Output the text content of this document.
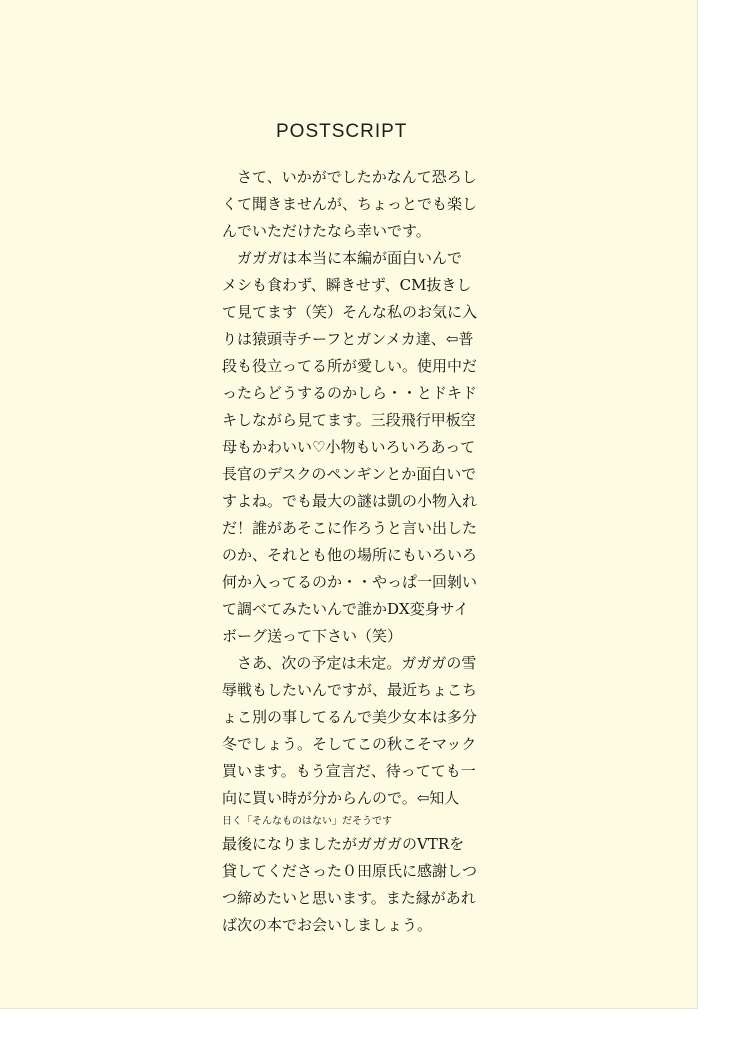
POSTSCRIPT
　さて、いかがでしたかなんて恐ろし
くて聞きませんが、ちょっとでも楽し
んでいただけたなら幸いです。
　ガガガは本当に本編が面白いんで
メシも食わず、瞬きせず、CM抜きし
て見てます（笑）そんな私のお気に入
りは猿頭寺チーフとガンメカ達、⇦普
段も役立ってる所が愛しい。使用中だ
ったらどうするのかしら・・とドキド
キしながら見てます。三段飛行甲板空
母もかわいい♡小物もいろいろあって
長官のデスクのペンギンとか面白いで
すよね。でも最大の謎は凱の小物入れ
だ！誰があそこに作ろうと言い出した
のか、それとも他の場所にもいろいろ
何か入ってるのか・・やっぱ一回剝い
て調べてみたいんで誰かDX変身サイ
ボーグ送って下さい（笑）
　さあ、次の予定は未定。ガガガの雪
辱戦もしたいんですが、最近ちょこち
ょこ別の事してるんで美少女本は多分
冬でしょう。そしてこの秋こそマック
買います。もう宣言だ、待ってても一
向に買い時が分からんので。⇦知人
日く「そんなものはない」だそうです
最後になりましたがガガガのVTRを
貸してくださった０田原氏に感謝しつ
つ締めたいと思います。また縁があれ
ば次の本でお会いしましょう。
